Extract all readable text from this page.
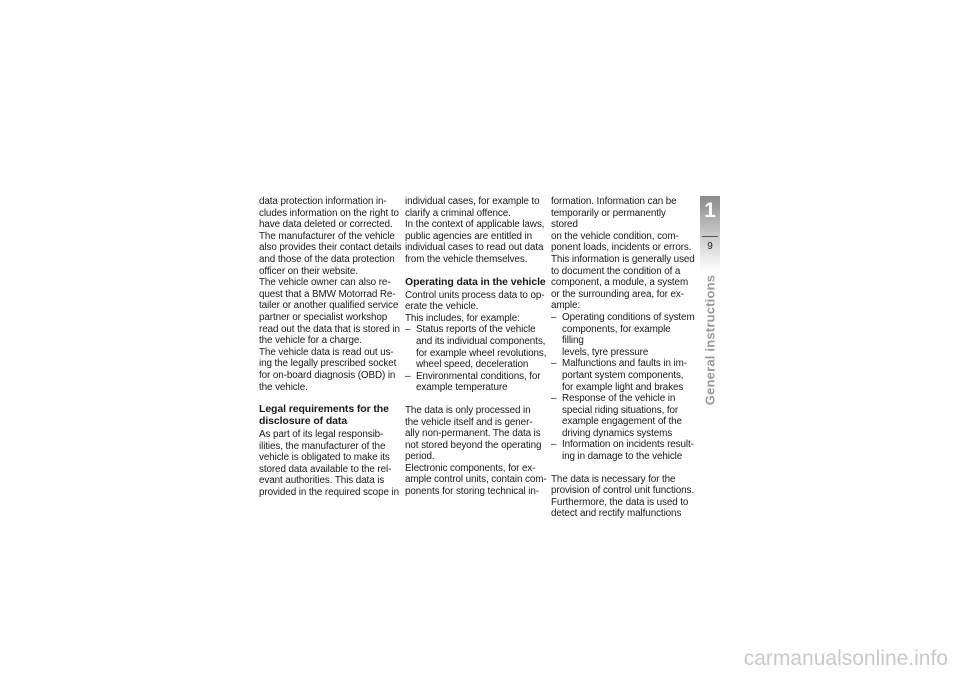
data protection information in-
cludes information on the right to
have data deleted or corrected.
The manufacturer of the vehicle
also provides their contact details
and those of the data protection
officer on their website.

The vehicle owner can also re-
quest that a BMW Motorrad Re-
tailer or another qualified service
partner or specialist workshop
read out the data that is stored in
the vehicle for a charge.

The vehicle data is read out us-
ing the legally prescribed socket
for on-board diagnosis (OBD) in
the vehicle.

Legal requirements for the
disclosure of data

As part of its legal responsib-
ilities, the manufacturer of the
vehicle is obligated to make its
stored data available to the rel-
evant authorities. This data is
provided in the required scope in

individual cases, for example to
clarify a criminal offence.

In the context of applicable laws,
public agencies are entitled in
individual cases to read out data
from the vehicle themselves.

Operating data in the vehicle

Control units process data to op-
erate the vehicle.

This includes, for example:

– Status reports of the vehicle
and its individual components,
for example wheel revolutions,
wheel speed, deceleration
– Environmental conditions, for
example temperature

The data is only processed in
the vehicle itself and is gener-
ally non-permanent. The data is
not stored beyond the operating
period.

Electronic components, for ex-
ample control units, contain com-
ponents for storing technical in-

formation. Information can be
temporarily or permanently stored
on the vehicle condition, com-
ponent loads, incidents or errors.

This information is generally used
to document the condition of a
component, a module, a system
or the surrounding area, for ex-
ample:

– Operating conditions of system
components, for example filling
levels, tyre pressure
– Malfunctions and faults in im-
portant system components,
for example light and brakes
– Response of the vehicle in
special riding situations, for
example engagement of the
driving dynamics systems
– Information on incidents result-
ing in damage to the vehicle

The data is necessary for the
provision of control unit functions.

Furthermore, the data is used to
detect and rectify malfunctions

1
9
General instructions
carmanualsonline.info
